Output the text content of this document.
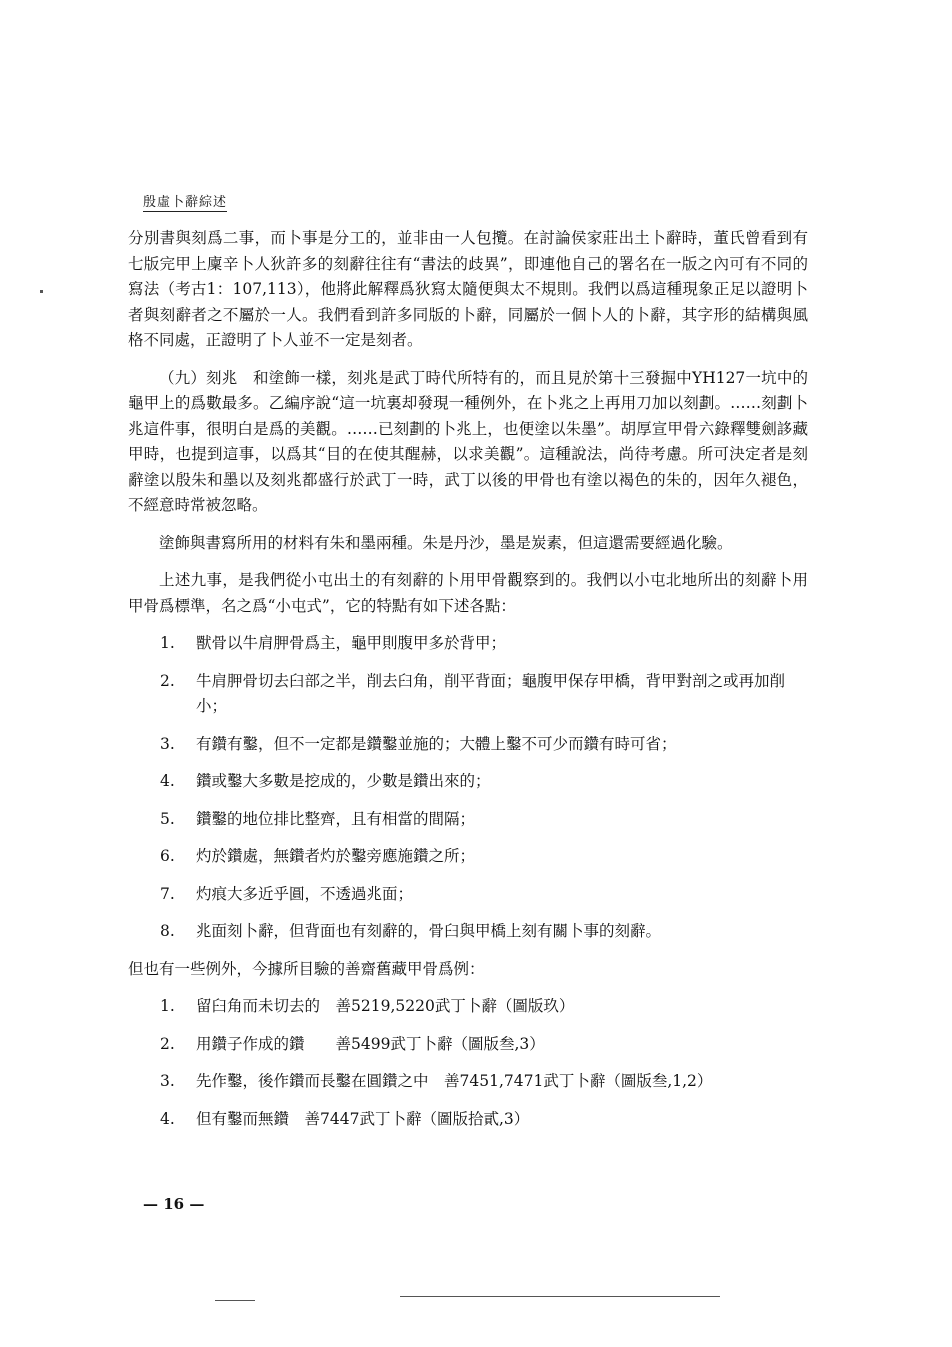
殷虛卜辭綜述

分別書與刻爲二事，而卜事是分工的，並非由一人包攬。在討論侯家莊出土卜辭時，董氏曾看到有七版完甲上廩辛卜人狄許多的刻辭往往有“書法的歧異”，即連他自己的署名在一版之內可有不同的寫法（考古1：107,113），他將此解釋爲狄寫太隨便與太不規則。我們以爲這種現象正足以證明卜者與刻辭者之不屬於一人。我們看到許多同版的卜辭，同屬於一個卜人的卜辭，其字形的結構與風格不同處，正證明了卜人並不一定是刻者。

（九）刻兆　和塗飾一樣，刻兆是武丁時代所特有的，而且見於第十三發掘中YH127一坑中的龜甲上的爲數最多。乙編序說“這一坑裏却發現一種例外，在卜兆之上再用刀加以刻劃。……刻劃卜兆這件事，很明白是爲的美觀。……已刻劃的卜兆上，也便塗以朱墨”。胡厚宣甲骨六錄釋雙劍誃藏甲時，也提到這事，以爲其“目的在使其醒赫，以求美觀”。這種說法，尚待考慮。所可決定者是刻辭塗以殷朱和墨以及刻兆都盛行於武丁一時，武丁以後的甲骨也有塗以褐色的朱的，因年久褪色，不經意時常被忽略。

塗飾與書寫所用的材料有朱和墨兩種。朱是丹沙，墨是炭素，但這還需要經過化驗。

上述九事，是我們從小屯出土的有刻辭的卜用甲骨觀察到的。我們以小屯北地所出的刻辭卜用甲骨爲標準，名之爲“小屯式”，它的特點有如下述各點：

1.	獸骨以牛肩胛骨爲主，龜甲則腹甲多於背甲；
2.	牛肩胛骨切去臼部之半，削去臼角，削平背面；龜腹甲保存甲橋，背甲對剖之或再加削小；
3.	有鑽有鑿，但不一定都是鑽鑿並施的；大體上鑿不可少而鑽有時可省；
4.	鑽或鑿大多數是挖成的，少數是鑽出來的；
5.	鑽鑿的地位排比整齊，且有相當的間隔；
6.	灼於鑽處，無鑽者灼於鑿旁應施鑽之所；
7.	灼痕大多近乎圓，不透過兆面；
8.	兆面刻卜辭，但背面也有刻辭的，骨臼與甲橋上刻有關卜事的刻辭。

但也有一些例外，今據所目驗的善齋舊藏甲骨爲例：

1.	留臼角而未切去的　善5219,5220武丁卜辭（圖版玖）
2.	用鑽子作成的鑽　　善5499武丁卜辭（圖版叁,3）
3.	先作鑿，後作鑽而長鑿在圓鑽之中　善7451,7471武丁卜辭（圖版叁,1,2）
4.	但有鑿而無鑽　善7447武丁卜辭（圖版拾貳,3）
— 16 —
